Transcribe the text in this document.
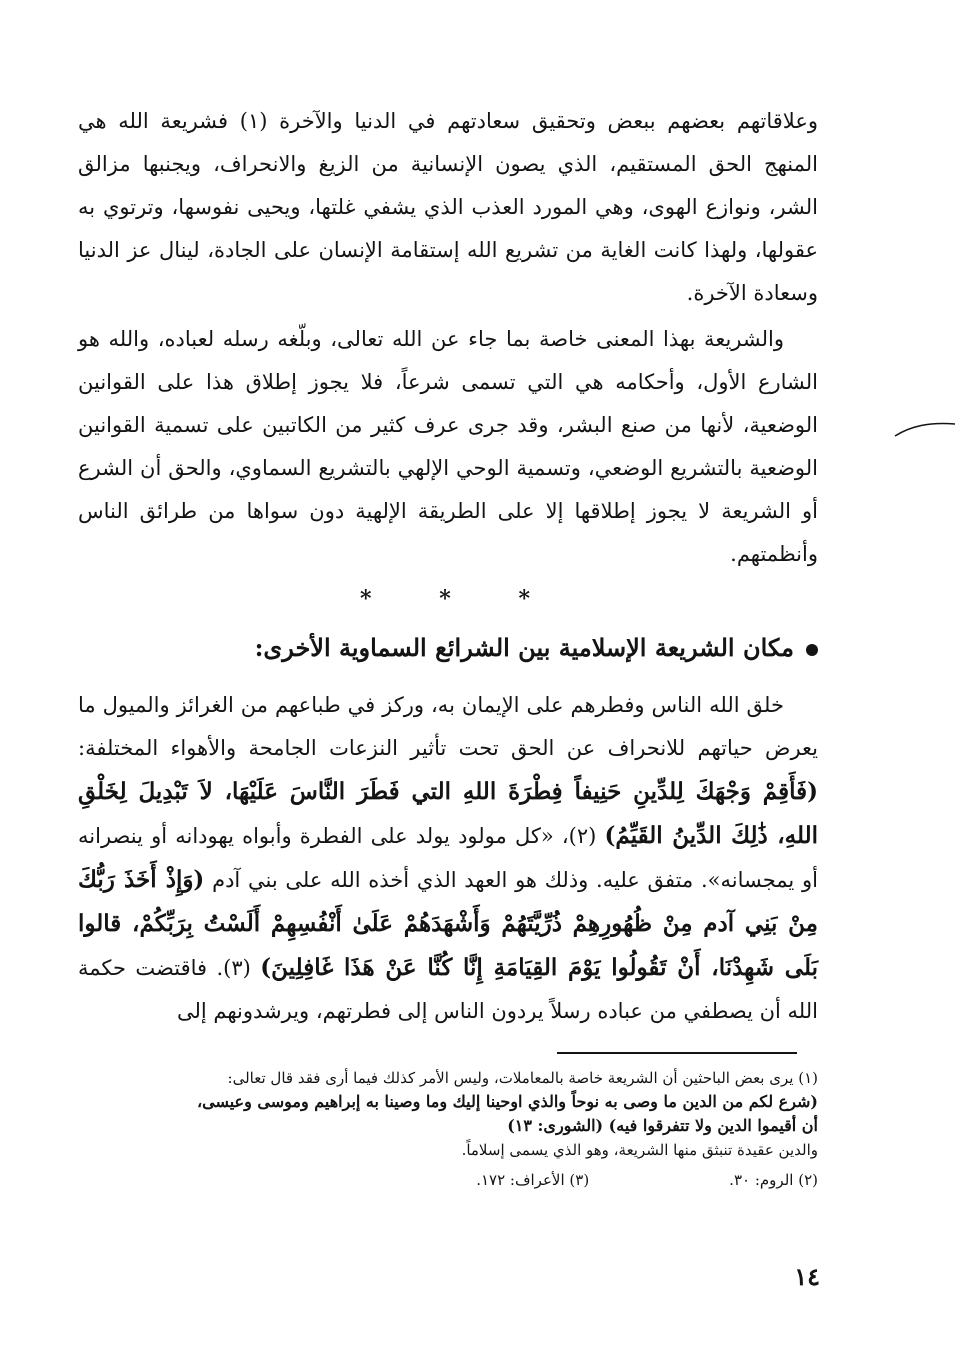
وعلاقاتهم بعضهم ببعض وتحقيق سعادتهم في الدنيا والآخرة (١) فشريعة الله هي المنهج الحق المستقيم، الذي يصون الإنسانية من الزيغ والانحراف، ويجنبها مزالق الشر، ونوازع الهوى، وهي المورد العذب الذي يشفي غلتها، ويحيى نفوسها، وترتوي به عقولها، ولهذا كانت الغاية من تشريع الله إستقامة الإنسان على الجادة، لينال عز الدنيا وسعادة الآخرة.

والشريعة بهذا المعنى خاصة بما جاء عن الله تعالى، وبلّغه رسله لعباده، والله هو الشارع الأول، وأحكامه هي التي تسمى شرعاً، فلا يجوز إطلاق هذا على القوانين الوضعية، لأنها من صنع البشر، وقد جرى عرف كثير من الكاتبين على تسمية القوانين الوضعية بالتشريع الوضعي، وتسمية الوحي الإلهي بالتشريع السماوي، والحق أن الشرع أو الشريعة لا يجوز إطلاقها إلا على الطريقة الإلهية دون سواها من طرائق الناس وأنظمتهم.

*
*
*
مكان الشريعة الإسلامية بين الشرائع السماوية الأخرى:

خلق الله الناس وفطرهم على الإيمان به، وركز في طباعهم من الغرائز والميول ما يعرض حياتهم للانحراف عن الحق تحت تأثير النزعات الجامحة والأهواء المختلفة: (فَأَقِمْ وَجْهَكَ لِلدِّينِ حَنِيفاً فِطْرَةَ اللهِ التي فَطَرَ النَّاسَ عَلَيْهَا، لاَ تَبْدِيلَ لِخَلْقِ اللهِ، ذَٰلِكَ الدِّينُ القَيِّمُ) (٢)، «كل مولود يولد على الفطرة وأبواه يهودانه أو ينصرانه أو يمجسانه». متفق عليه. وذلك هو العهد الذي أخذه الله على بني آدم (وَإِذْ أَخَذَ رَبُّكَ مِنْ بَنِي آدم مِنْ ظُهُورِهِمْ ذُرِّيَّتَهُمْ وَأَشْهَدَهُمْ عَلَىٰ أَنْفُسِهِمْ أَلَسْتُ بِرَبِّكُمْ، قالوا بَلَى شَهِدْنَا، أَنْ تَقُولُوا يَوْمَ القِيَامَةِ إِنَّا كُنَّا عَنْ هَذَا غَافِلِينَ) (٣). فاقتضت حكمة الله أن يصطفي من عباده رسلاً يردون الناس إلى فطرتهم، ويرشدونهم إلى

(١) يرى بعض الباحثين أن الشريعة خاصة بالمعاملات، وليس الأمر كذلك فيما أرى فقد قال تعالى:
(شرع لكم من الدين ما وصى به نوحاً والذي اوحينا إليك وما وصينا به إبراهيم وموسى وعيسى،
أن أقيموا الدين ولا تتفرقوا فيه) (الشورى: ١٣)
والدين عقيدة تنبثق منها الشريعة، وهو الذي يسمى إسلاماً.
(٢) الروم: ٣٠.
(٣) الأعراف: ١٧٢.
١٤
